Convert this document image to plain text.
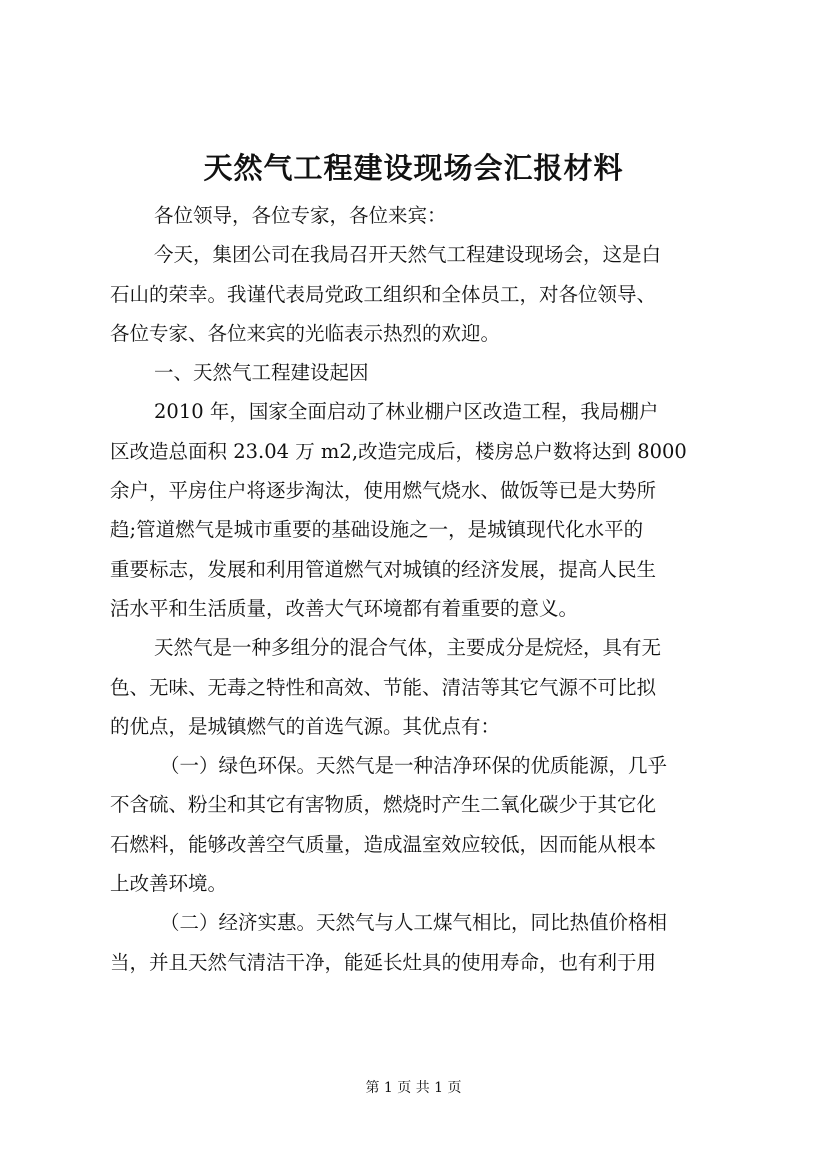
天然气工程建设现场会汇报材料
各位领导，各位专家，各位来宾：
今天，集团公司在我局召开天然气工程建设现场会，这是白
石山的荣幸。我谨代表局党政工组织和全体员工，对各位领导、
各位专家、各位来宾的光临表示热烈的欢迎。
一、天然气工程建设起因
2010 年，国家全面启动了林业棚户区改造工程，我局棚户
区改造总面积 23.04 万 m2,改造完成后，楼房总户数将达到 8000
余户，平房住户将逐步淘汰，使用燃气烧水、做饭等已是大势所
趋;管道燃气是城市重要的基础设施之一，是城镇现代化水平的
重要标志，发展和利用管道燃气对城镇的经济发展，提高人民生
活水平和生活质量，改善大气环境都有着重要的意义。
天然气是一种多组分的混合气体，主要成分是烷烃，具有无
色、无味、无毒之特性和高效、节能、清洁等其它气源不可比拟
的优点，是城镇燃气的首选气源。其优点有：
（一）绿色环保。天然气是一种洁净环保的优质能源，几乎
不含硫、粉尘和其它有害物质，燃烧时产生二氧化碳少于其它化
石燃料，能够改善空气质量，造成温室效应较低，因而能从根本
上改善环境。
（二）经济实惠。天然气与人工煤气相比，同比热值价格相
当，并且天然气清洁干净，能延长灶具的使用寿命，也有利于用
第 1 页 共 1 页
